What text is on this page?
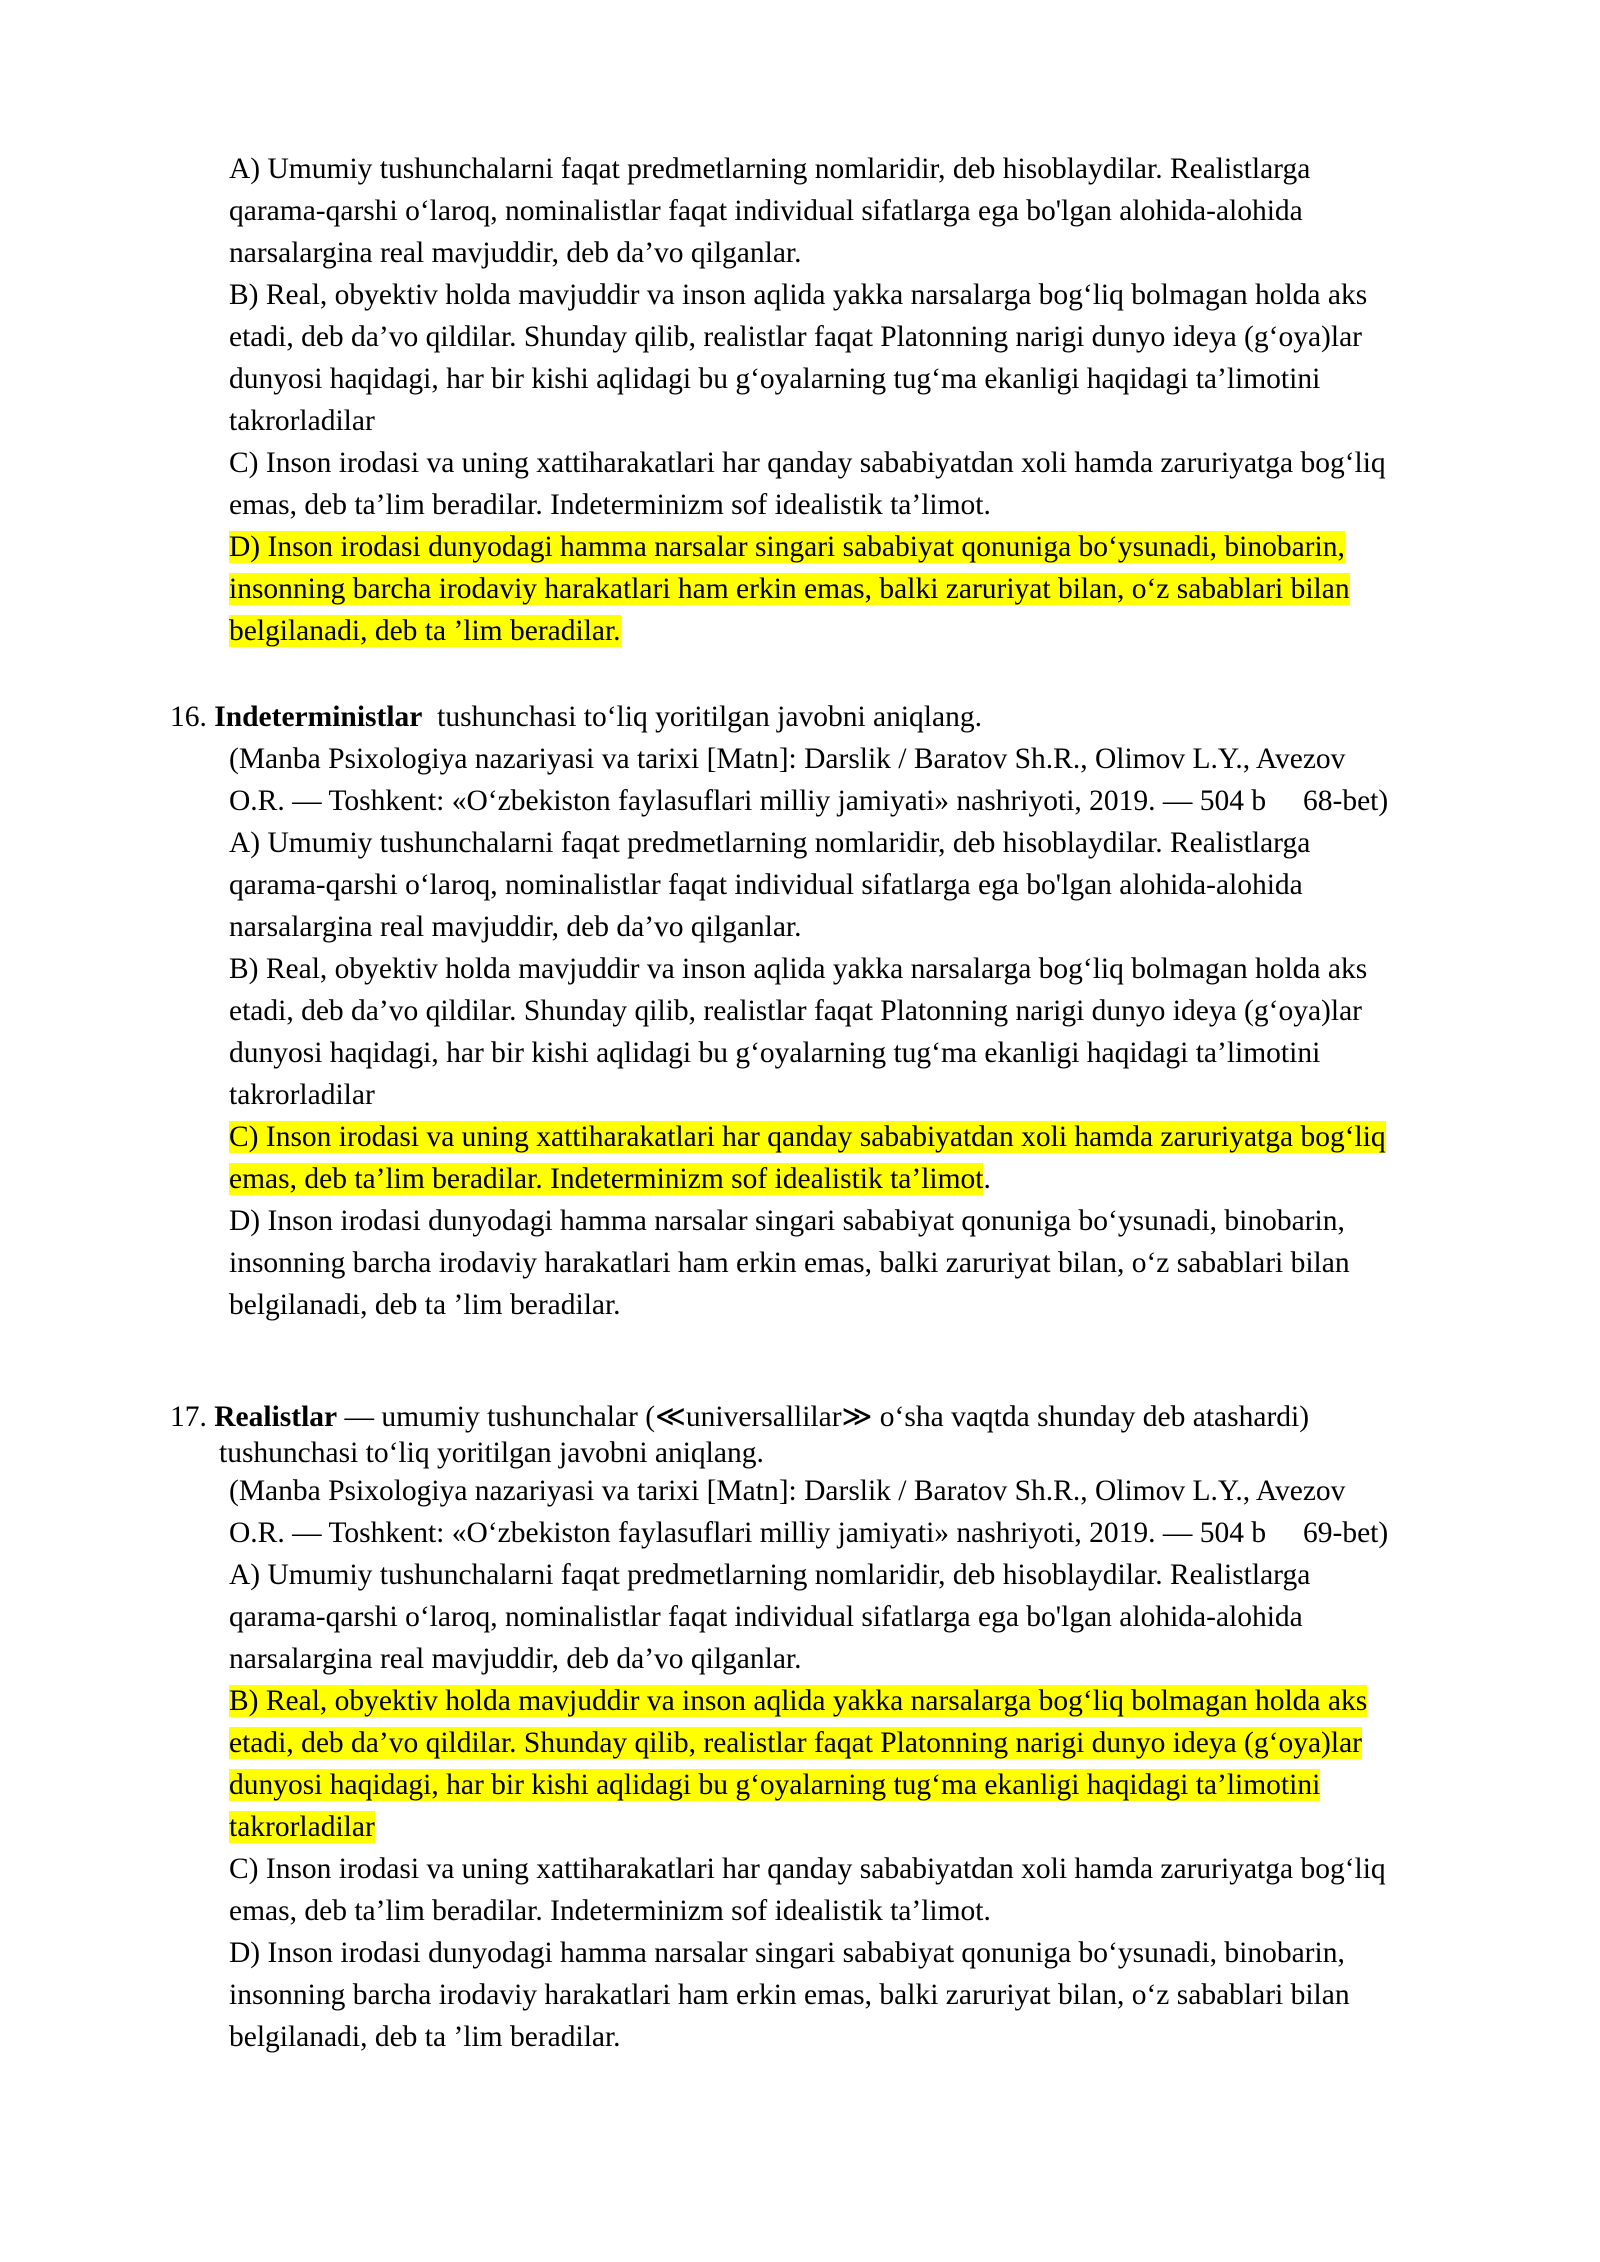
A) Umumiy tushunchalarni faqat predmetlarning nomlaridir, deb hisoblaydilar. Realistlarga
qarama-qarshi o‘laroq, nominalistlar faqat individual sifatlarga ega bo'lgan alohida-alohida
narsalargina real mavjuddir, deb da’vo qilganlar.
B) Real, obyektiv holda mavjuddir va inson aqlida yakka narsalarga bog‘liq bolmagan holda aks
etadi, deb da’vo qildilar. Shunday qilib, realistlar faqat Platonning narigi dunyo ideya (g‘oya)lar
dunyosi haqidagi, har bir kishi aqlidagi bu g‘oyalarning tug‘ma ekanligi haqidagi ta’limotini
takrorladilar
C) Inson irodasi va uning xattiharakatlari har qanday sababiyatdan xoli hamda zaruriyatga bog‘liq
emas, deb ta’lim beradilar. Indeterminizm sof idealistik ta’limot.
D) Inson irodasi dunyodagi hamma narsalar singari sababiyat qonuniga bo‘ysunadi, binobarin,
insonning barcha irodaviy harakatlari ham erkin emas, balki zaruriyat bilan, o‘z sabablari bilan
belgilanadi, deb ta ’lim beradilar.
16. Indeterministlar tushunchasi to‘liq yoritilgan javobni aniqlang.
(Manba Psixologiya nazariyasi va tarixi [Matn]: Darslik / Baratov Sh.R., Olimov L.Y., Avezov
O.R. — Toshkent: «O‘zbekiston faylasuflari milliy jamiyati» nashriyoti, 2019. — 504 b     68-bet)
A) Umumiy tushunchalarni faqat predmetlarning nomlaridir, deb hisoblaydilar. Realistlarga
qarama-qarshi o‘laroq, nominalistlar faqat individual sifatlarga ega bo'lgan alohida-alohida
narsalargina real mavjuddir, deb da’vo qilganlar.
B) Real, obyektiv holda mavjuddir va inson aqlida yakka narsalarga bog‘liq bolmagan holda aks
etadi, deb da’vo qildilar. Shunday qilib, realistlar faqat Platonning narigi dunyo ideya (g‘oya)lar
dunyosi haqidagi, har bir kishi aqlidagi bu g‘oyalarning tug‘ma ekanligi haqidagi ta’limotini
takrorladilar
C) Inson irodasi va uning xattiharakatlari har qanday sababiyatdan xoli hamda zaruriyatga bog‘liq
emas, deb ta’lim beradilar. Indeterminizm sof idealistik ta’limot.
D) Inson irodasi dunyodagi hamma narsalar singari sababiyat qonuniga bo‘ysunadi, binobarin,
insonning barcha irodaviy harakatlari ham erkin emas, balki zaruriyat bilan, o‘z sabablari bilan
belgilanadi, deb ta ’lim beradilar.
17. Realistlar — umumiy tushunchalar (≪universallilar≫ o‘sha vaqtda shunday deb atashardi)
tushunchasi to‘liq yoritilgan javobni aniqlang.
(Manba Psixologiya nazariyasi va tarixi [Matn]: Darslik / Baratov Sh.R., Olimov L.Y., Avezov
O.R. — Toshkent: «O‘zbekiston faylasuflari milliy jamiyati» nashriyoti, 2019. — 504 b     69-bet)
A) Umumiy tushunchalarni faqat predmetlarning nomlaridir, deb hisoblaydilar. Realistlarga
qarama-qarshi o‘laroq, nominalistlar faqat individual sifatlarga ega bo'lgan alohida-alohida
narsalargina real mavjuddir, deb da’vo qilganlar.
B) Real, obyektiv holda mavjuddir va inson aqlida yakka narsalarga bog‘liq bolmagan holda aks
etadi, deb da’vo qildilar. Shunday qilib, realistlar faqat Platonning narigi dunyo ideya (g‘oya)lar
dunyosi haqidagi, har bir kishi aqlidagi bu g‘oyalarning tug‘ma ekanligi haqidagi ta’limotini
takrorladilar
C) Inson irodasi va uning xattiharakatlari har qanday sababiyatdan xoli hamda zaruriyatga bog‘liq
emas, deb ta’lim beradilar. Indeterminizm sof idealistik ta’limot.
D) Inson irodasi dunyodagi hamma narsalar singari sababiyat qonuniga bo‘ysunadi, binobarin,
insonning barcha irodaviy harakatlari ham erkin emas, balki zaruriyat bilan, o‘z sabablari bilan
belgilanadi, deb ta ’lim beradilar.
